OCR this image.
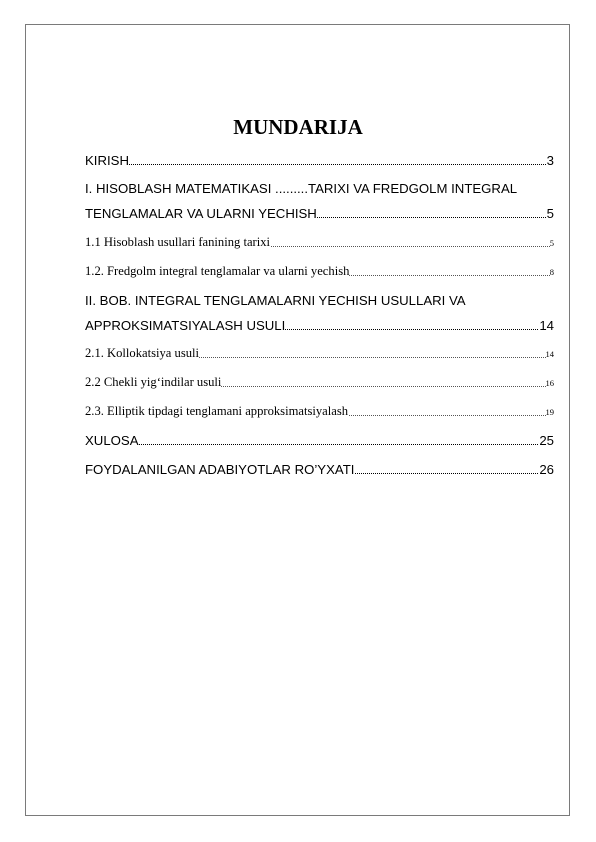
MUNDARIJA
KIRISH	3
I. HISOBLASH MATEMATIKASI .........TARIXI VA FREDGOLM INTEGRAL
TENGLAMALAR VA ULARNI YECHISH	5
1.1 Hisoblash usullari fanining tarixi	5
1.2. Fredgolm integral tenglamalar va ularni yechish	8
II. BOB. INTEGRAL TENGLAMALARNI YECHISH USULLARI VA
APPROKSIMATSIYALASH USULI	14
2.1. Kollokatsiya usuli	14
2.2 Chekli yig‘indilar usuli	16
2.3. Elliptik tipdagi tenglamani approksimatsiyalash	19
XULOSA	25
FOYDALANILGAN ADABIYOTLAR RO’YXATI	26
